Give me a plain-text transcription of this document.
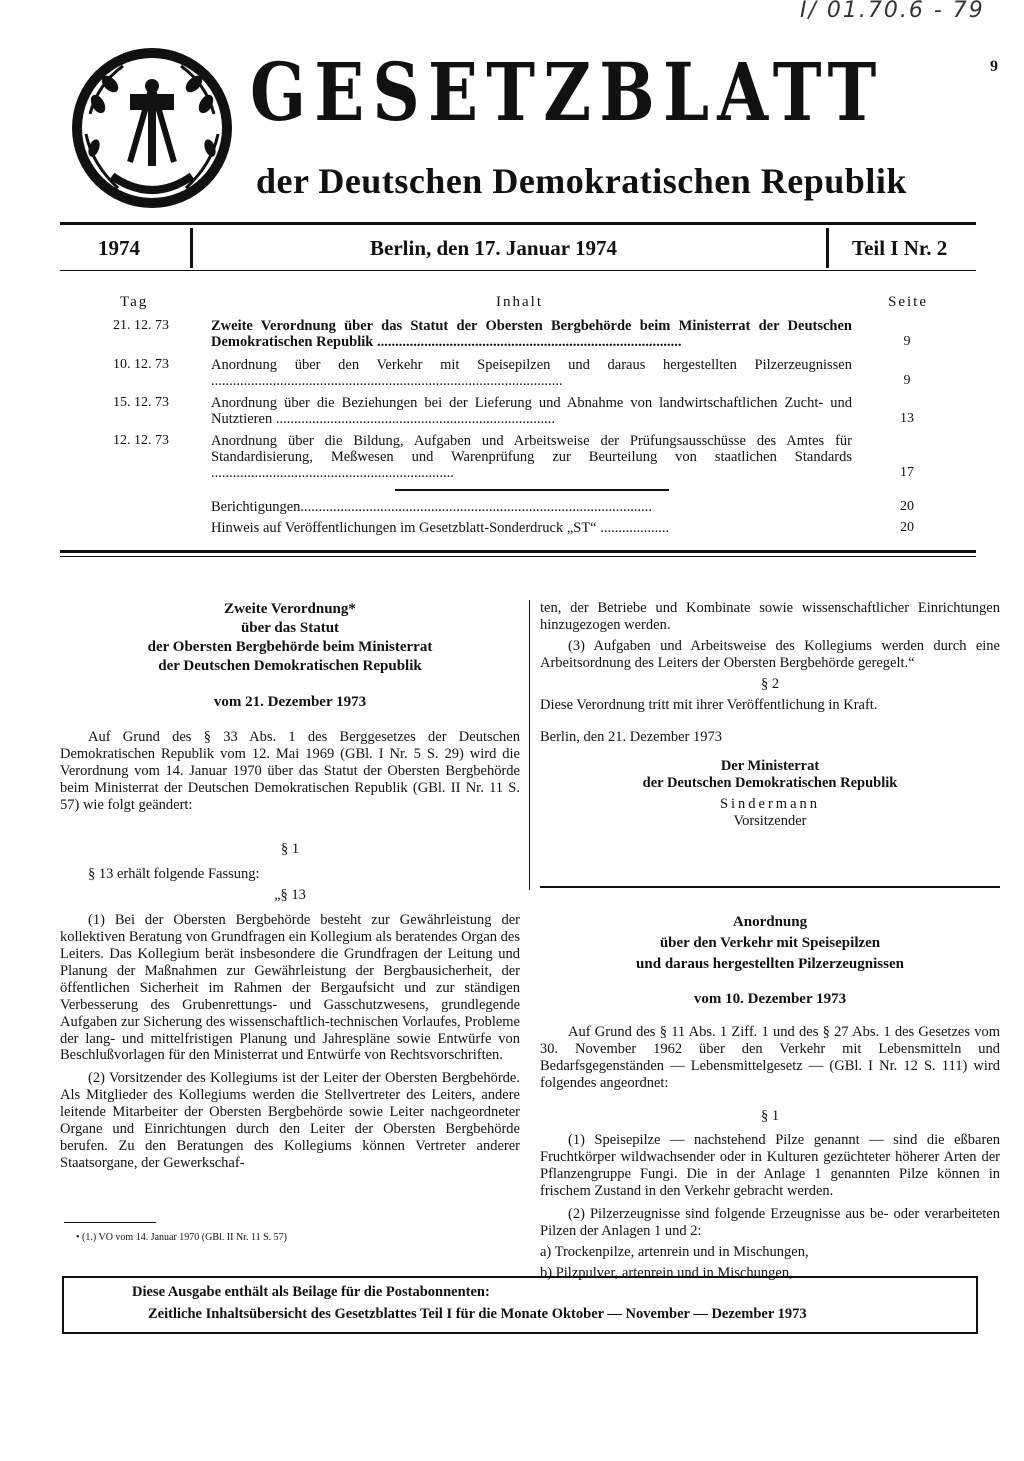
I/ 01.70.6 - 79
9
GESETZBLATT
der Deutschen Demokratischen Republik
1974	Berlin, den 17. Januar 1974	Teil I Nr. 2
Tag	Inhalt	Seite
21. 12. 73	Zweite Verordnung über das Statut der Obersten Bergbehörde beim Ministerrat der Deutschen Demokratischen Republik ....................................................................................	9
10. 12. 73	Anordnung über den Verkehr mit Speisepilzen und daraus hergestellten Pilzerzeugnissen .................................................................................................	9
15. 12. 73	Anordnung über die Beziehungen bei der Lieferung und Abnahme von landwirtschaftlichen Zucht- und Nutztieren .............................................................................	13
12. 12. 73	Anordnung über die Bildung, Aufgaben und Arbeitsweise der Prüfungsausschüsse des Amtes für Standardisierung, Meßwesen und Warenprüfung zur Beurteilung von staatlichen Standards ...................................................................	17
Berichtigungen.................................................................................................	20
Hinweis auf Veröffentlichungen im Gesetzblatt-Sonderdruck „ST“ ...................	20
Zweite Verordnung*
über das Statut
der Obersten Bergbehörde beim Ministerrat
der Deutschen Demokratischen Republik
vom 21. Dezember 1973

Auf Grund des § 33 Abs. 1 des Berggesetzes der Deutschen Demokratischen Republik vom 12. Mai 1969 (GBl. I Nr. 5 S. 29) wird die Verordnung vom 14. Januar 1970 über das Statut der Obersten Bergbehörde beim Ministerrat der Deutschen Demokratischen Republik (GBl. II Nr. 11 S. 57) wie folgt geändert:

§ 1

§ 13 erhält folgende Fassung:

„§ 13

(1) Bei der Obersten Bergbehörde besteht zur Gewährleistung der kollektiven Beratung von Grundfragen ein Kollegium als beratendes Organ des Leiters. Das Kollegium berät insbesondere die Grundfragen der Leitung und Planung der Maßnahmen zur Gewährleistung der Bergbausicherheit, der öffentlichen Sicherheit im Rahmen der Bergaufsicht und zur ständigen Verbesserung des Grubenrettungs- und Gasschutzwesens, grundlegende Aufgaben zur Sicherung des wissenschaftlich-technischen Vorlaufes, Probleme der lang- und mittelfristigen Planung und Jahrespläne sowie Entwürfe von Beschlußvorlagen für den Ministerrat und Entwürfe von Rechtsvorschriften.

(2) Vorsitzender des Kollegiums ist der Leiter der Obersten Bergbehörde. Als Mitglieder des Kollegiums werden die Stellvertreter des Leiters, andere leitende Mitarbeiter der Obersten Bergbehörde sowie Leiter nachgeordneter Organe und Einrichtungen durch den Leiter der Obersten Bergbehörde berufen. Zu den Beratungen des Kollegiums können Vertreter anderer Staatsorgane, der Gewerkschaf-

• (1.) VO vom 14. Januar 1970 (GBl. II Nr. 11 S. 57)

ten, der Betriebe und Kombinate sowie wissenschaftlicher Einrichtungen hinzugezogen werden.

(3) Aufgaben und Arbeitsweise des Kollegiums werden durch eine Arbeitsordnung des Leiters der Obersten Bergbehörde geregelt.“

§ 2

Diese Verordnung tritt mit ihrer Veröffentlichung in Kraft.

Berlin, den 21. Dezember 1973

Der Ministerrat
der Deutschen Demokratischen Republik
Sindermann
Vorsitzender
Anordnung
über den Verkehr mit Speisepilzen
und daraus hergestellten Pilzerzeugnissen
vom 10. Dezember 1973

Auf Grund des § 11 Abs. 1 Ziff. 1 und des § 27 Abs. 1 des Gesetzes vom 30. November 1962 über den Verkehr mit Lebensmitteln und Bedarfsgegenständen — Lebensmittelgesetz — (GBl. I Nr. 12 S. 111) wird folgendes angeordnet:

§ 1

(1) Speisepilze — nachstehend Pilze genannt — sind die eßbaren Fruchtkörper wildwachsender oder in Kulturen gezüchteter höherer Arten der Pflanzengruppe Fungi. Die in der Anlage 1 genannten Pilze können in frischem Zustand in den Verkehr gebracht werden.

(2) Pilzerzeugnisse sind folgende Erzeugnisse aus be- oder verarbeiteten Pilzen der Anlagen 1 und 2:

a) Trockenpilze, artenrein und in Mischungen,

b) Pilzpulver, artenrein und in Mischungen,

Diese Ausgabe enthält als Beilage für die Postabonnenten:
Zeitliche Inhaltsübersicht des Gesetzblattes Teil I für die Monate Oktober — November — Dezember 1973
